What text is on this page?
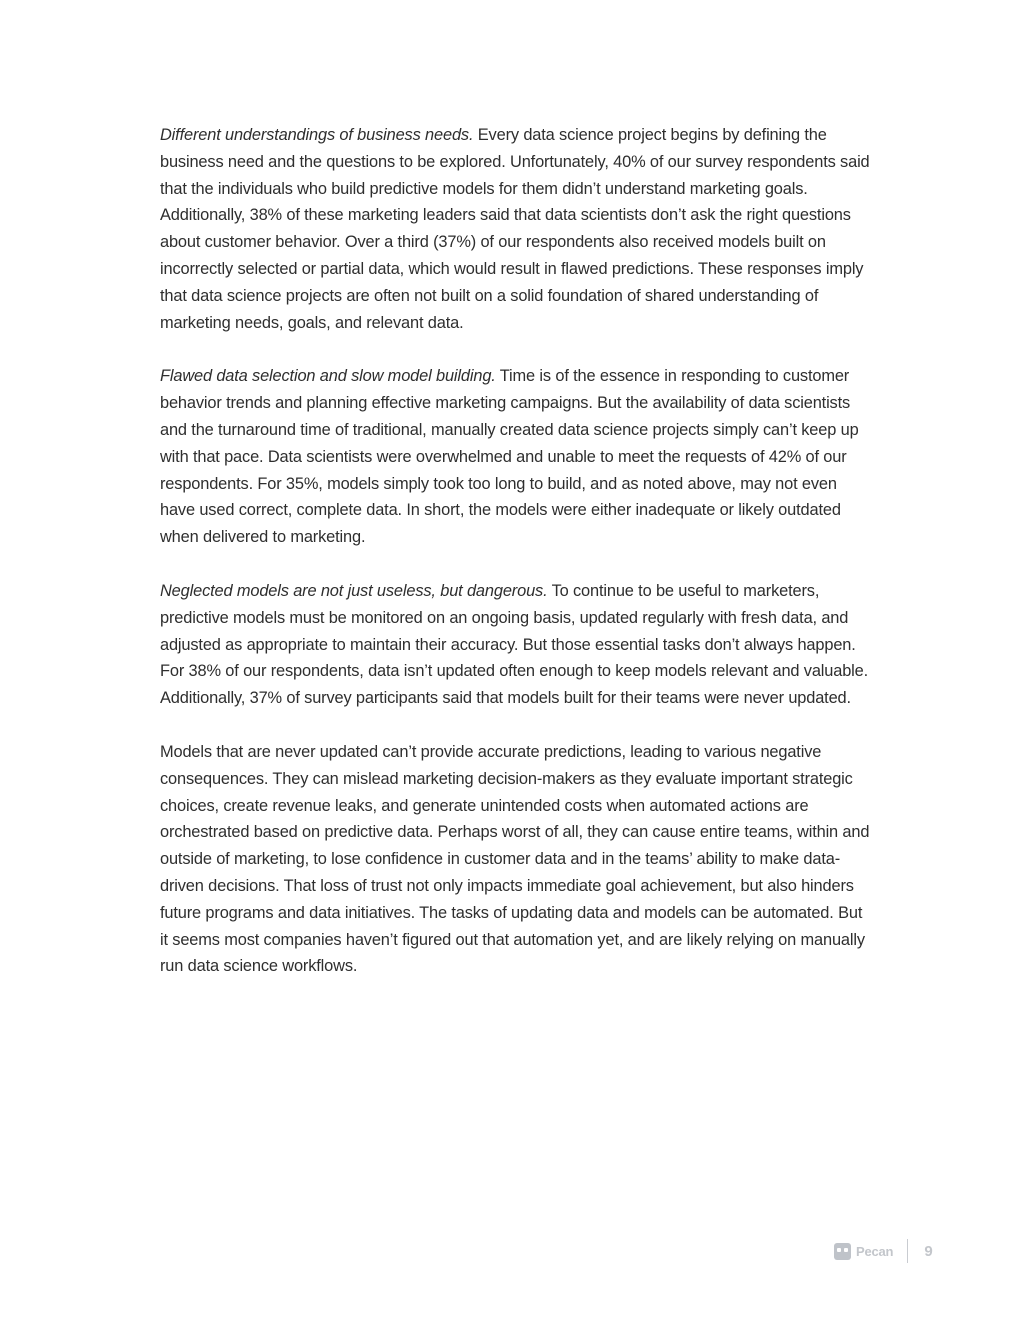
Different understandings of business needs. Every data science project begins by defining the business need and the questions to be explored. Unfortunately, 40% of our survey respondents said that the individuals who build predictive models for them didn’t understand marketing goals. Additionally, 38% of these marketing leaders said that data scientists don’t ask the right questions about customer behavior. Over a third (37%) of our respondents also received models built on incorrectly selected or partial data, which would result in flawed predictions. These responses imply that data science projects are often not built on a solid foundation of shared understanding of marketing needs, goals, and relevant data.

Flawed data selection and slow model building. Time is of the essence in responding to customer behavior trends and planning effective marketing campaigns. But the availability of data scientists and the turnaround time of traditional, manually created data science projects simply can’t keep up with that pace. Data scientists were overwhelmed and unable to meet the requests of 42% of our respondents. For 35%, models simply took too long to build, and as noted above, may not even have used correct, complete data. In short, the models were either inadequate or likely outdated when delivered to marketing.

Neglected models are not just useless, but dangerous. To continue to be useful to marketers, predictive models must be monitored on an ongoing basis, updated regularly with fresh data, and adjusted as appropriate to maintain their accuracy. But those essential tasks don’t always happen. For 38% of our respondents, data isn’t updated often enough to keep models relevant and valuable. Additionally, 37% of survey participants said that models built for their teams were never updated.

Models that are never updated can’t provide accurate predictions, leading to various negative consequences. They can mislead marketing decision-makers as they evaluate important strategic choices, create revenue leaks, and generate unintended costs when automated actions are orchestrated based on predictive data. Perhaps worst of all, they can cause entire teams, within and outside of marketing, to lose confidence in customer data and in the teams’ ability to make data-driven decisions. That loss of trust not only impacts immediate goal achievement, but also hinders future programs and data initiatives. The tasks of updating data and models can be automated. But it seems most companies haven’t figured out that automation yet, and are likely relying on manually run data science workflows.

Pecan 9
